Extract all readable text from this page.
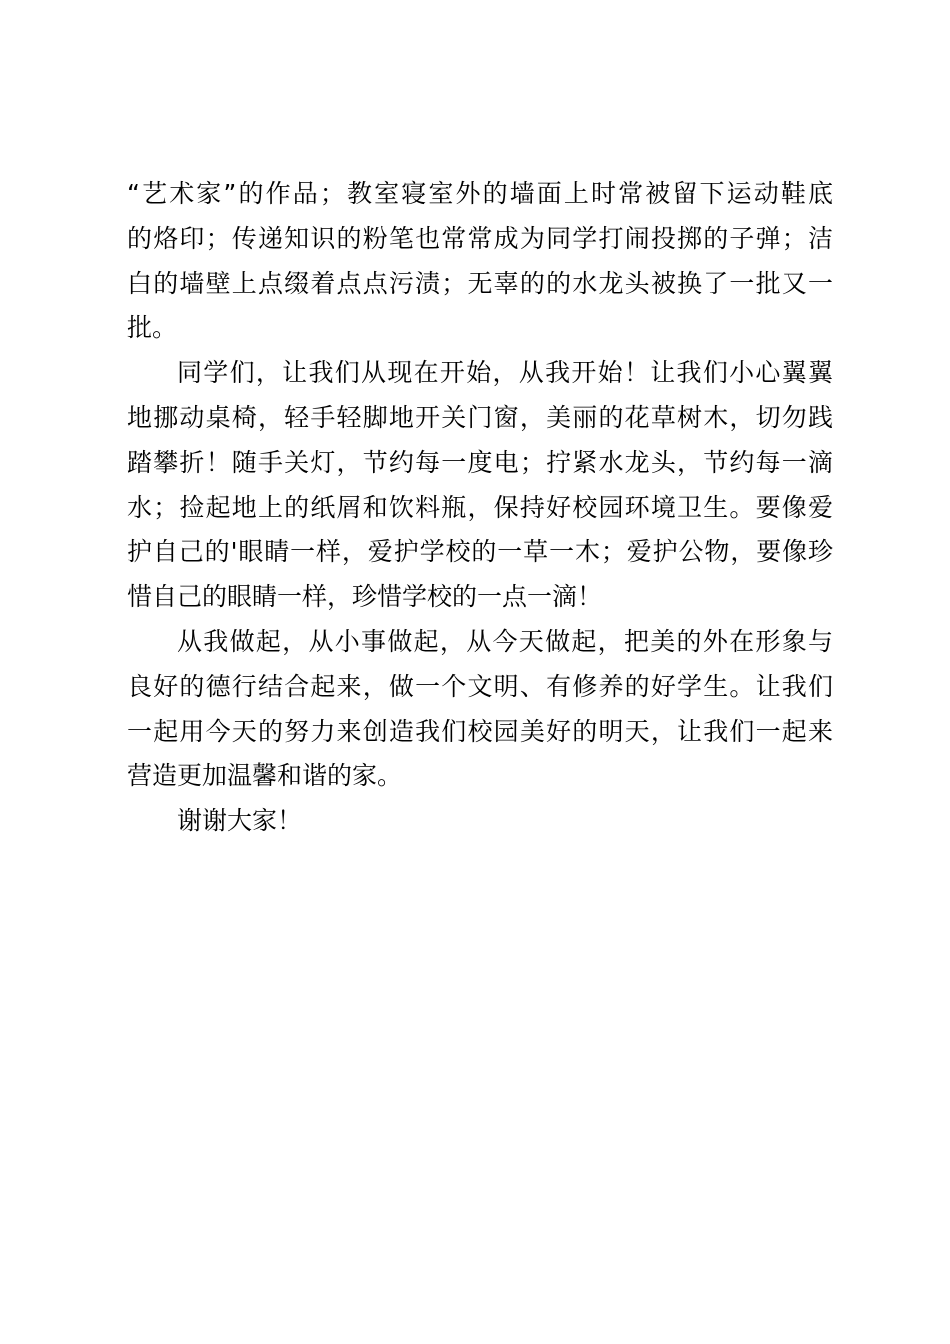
“艺术家”的作品；教室寝室外的墙面上时常被留下运动鞋底
的烙印；传递知识的粉笔也常常成为同学打闹投掷的子弹；洁
白的墙壁上点缀着点点污渍；无辜的的水龙头被换了一批又一
批。
同学们，让我们从现在开始，从我开始！让我们小心翼翼
地挪动桌椅，轻手轻脚地开关门窗，美丽的花草树木，切勿践
踏攀折！随手关灯，节约每一度电；拧紧水龙头，节约每一滴
水；捡起地上的纸屑和饮料瓶，保持好校园环境卫生。要像爱
护自己的'眼睛一样，爱护学校的一草一木；爱护公物，要像珍
惜自己的眼睛一样，珍惜学校的一点一滴！
从我做起，从小事做起，从今天做起，把美的外在形象与
良好的德行结合起来，做一个文明、有修养的好学生。让我们
一起用今天的努力来创造我们校园美好的明天，让我们一起来
营造更加温馨和谐的家。
谢谢大家！
